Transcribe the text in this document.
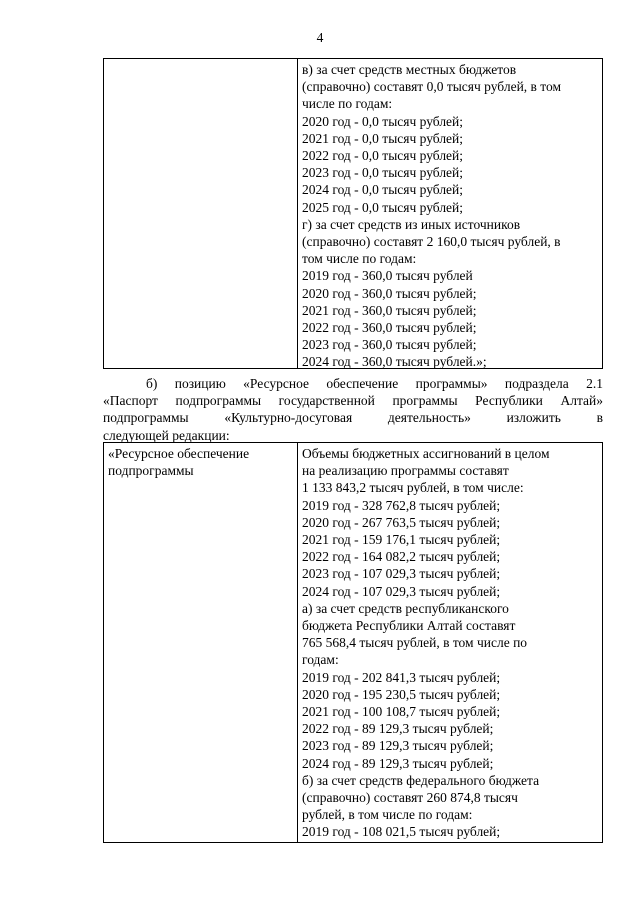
4
в) за счет средств местных бюджетов
(справочно) составят 0,0 тысяч рублей, в том
числе по годам:
2020 год - 0,0 тысяч рублей;
2021 год - 0,0 тысяч рублей;
2022 год - 0,0 тысяч рублей;
2023 год - 0,0 тысяч рублей;
2024 год - 0,0 тысяч рублей;
2025 год - 0,0 тысяч рублей;
г) за счет средств из иных источников
(справочно) составят 2 160,0 тысяч рублей, в
том числе по годам:
2019 год - 360,0 тысяч рублей
2020 год - 360,0 тысяч рублей;
2021 год - 360,0 тысяч рублей;
2022 год - 360,0 тысяч рублей;
2023 год - 360,0 тысяч рублей;
2024 год - 360,0 тысяч рублей.»;
б) позицию «Ресурсное обеспечение программы» подраздела 2.1
«Паспорт подпрограммы государственной программы Республики Алтай»
подпрограммы «Культурно-досуговая деятельность» изложить в
следующей редакции:
«Ресурсное обеспечение
подпрограммы
Объемы бюджетных ассигнований в целом
на реализацию программы составят
1 133 843,2 тысяч рублей, в том числе:
2019 год - 328 762,8 тысяч рублей;
2020 год - 267 763,5 тысяч рублей;
2021 год - 159 176,1 тысяч рублей;
2022 год - 164 082,2 тысяч рублей;
2023 год - 107 029,3 тысяч рублей;
2024 год - 107 029,3 тысяч рублей;
а) за счет средств республиканского
бюджета Республики Алтай составят
765 568,4 тысяч рублей, в том числе по
годам:
2019 год - 202 841,3 тысяч рублей;
2020 год - 195 230,5 тысяч рублей;
2021 год - 100 108,7 тысяч рублей;
2022 год - 89 129,3 тысяч рублей;
2023 год - 89 129,3 тысяч рублей;
2024 год - 89 129,3 тысяч рублей;
б) за счет средств федерального бюджета
(справочно) составят 260 874,8 тысяч
рублей, в том числе по годам:
2019 год - 108 021,5 тысяч рублей;
